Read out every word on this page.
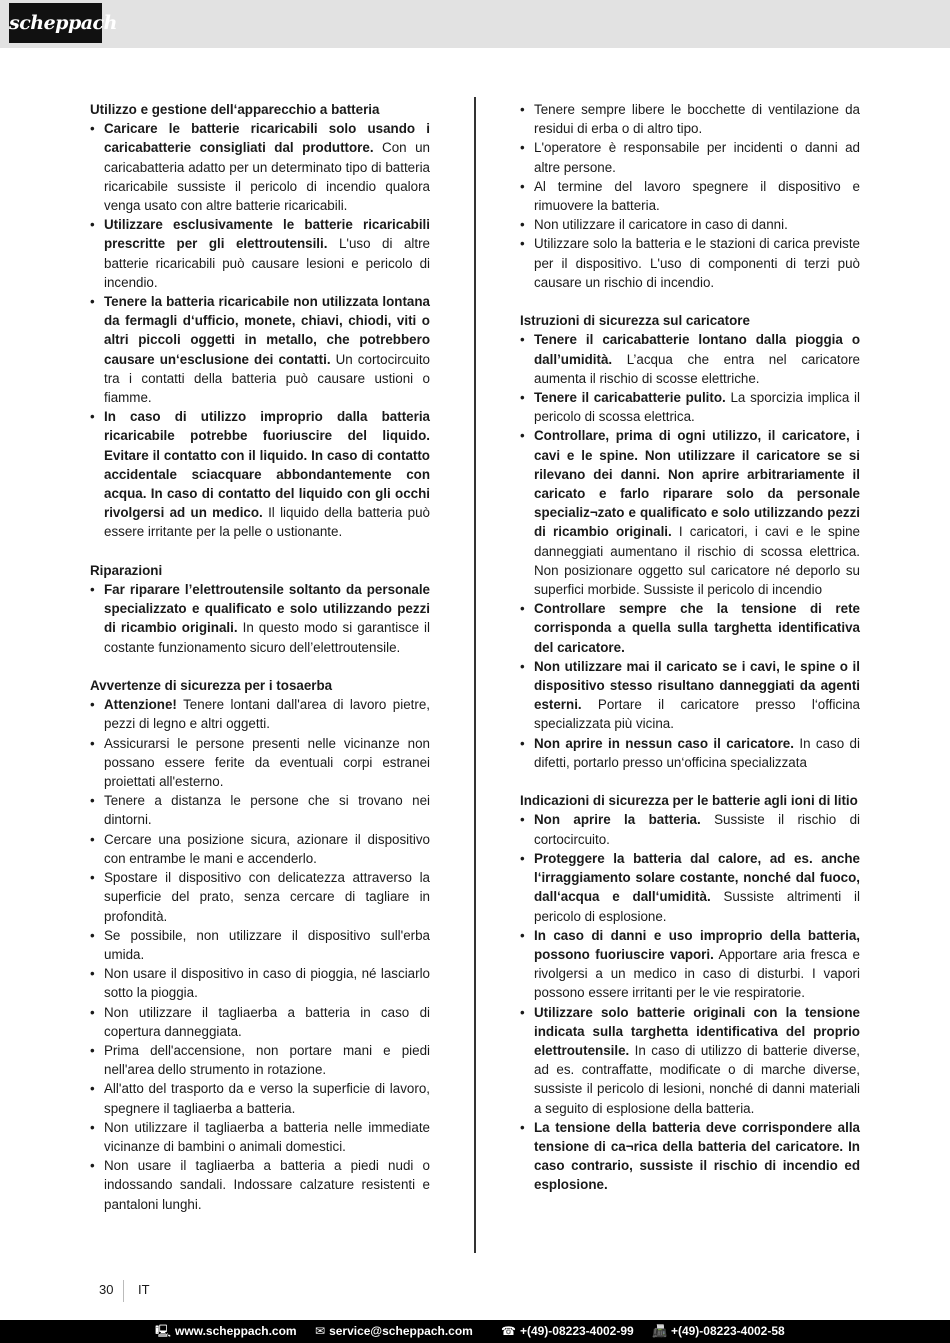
scheppach
Utilizzo e gestione dell‘apparecchio a batteria
• Caricare le batterie ricaricabili solo usando i caricabatterie consigliati dal produttore. Con un caricabatteria adatto per un determinato tipo di batteria ricaricabile sussiste il pericolo di incendio qualora venga usato con altre batterie ricaricabili.
• Utilizzare esclusivamente le batterie ricaricabili prescritte per gli elettroutensili. L'uso di altre batterie ricaricabili può causare lesioni e pericolo di incendio.
• Tenere la batteria ricaricabile non utilizzata lontana da fermagli d‘ufficio, monete, chiavi, chiodi, viti o altri piccoli oggetti in metallo, che potrebbero causare un‘esclusione dei contatti. Un cortocircuito tra i contatti della batteria può causare ustioni o fiamme.
• In caso di utilizzo improprio dalla batteria ricaricabile potrebbe fuoriuscire del liquido. Evitare il contatto con il liquido. In caso di contatto accidentale sciacquare abbondantemente con acqua. In caso di contatto del liquido con gli occhi rivolgersi ad un medico. Il liquido della batteria può essere irritante per la pelle o ustionante.
Riparazioni
• Far riparare l’elettroutensile soltanto da personale specializzato e qualificato e solo utilizzando pezzi di ricambio originali. In questo modo si garantisce il costante funzionamento sicuro dell’elettroutensile.
Avvertenze di sicurezza per i tosaerba
• Attenzione! Tenere lontani dall'area di lavoro pietre, pezzi di legno e altri oggetti.
• Assicurarsi le persone presenti nelle vicinanze non possano essere ferite da eventuali corpi estranei proiettati all'esterno.
• Tenere a distanza le persone che si trovano nei dintorni.
• Cercare una posizione sicura, azionare il dispositivo con entrambe le mani e accenderlo.
• Spostare il dispositivo con delicatezza attraverso la superficie del prato, senza cercare di tagliare in profondità.
• Se possibile, non utilizzare il dispositivo sull'erba umida.
• Non usare il dispositivo in caso di pioggia, né lasciarlo sotto la pioggia.
• Non utilizzare il tagliaerba a batteria in caso di copertura danneggiata.
• Prima dell'accensione, non portare mani e piedi nell'area dello strumento in rotazione.
• All'atto del trasporto da e verso la superficie di lavoro, spegnere il tagliaerba a batteria.
• Non utilizzare il tagliaerba a batteria nelle immediate vicinanze di bambini o animali domestici.
• Non usare il tagliaerba a batteria a piedi nudi o indossando sandali. Indossare calzature resistenti e pantaloni lunghi.
• Tenere sempre libere le bocchette di ventilazione da residui di erba o di altro tipo.
• L'operatore è responsabile per incidenti o danni ad altre persone.
• Al termine del lavoro spegnere il dispositivo e rimuovere la batteria.
• Non utilizzare il caricatore in caso di danni.
• Utilizzare solo la batteria e le stazioni di carica previste per il dispositivo. L'uso di componenti di terzi può causare un rischio di incendio.
Istruzioni di sicurezza sul caricatore
• Tenere il caricabatterie lontano dalla pioggia o dall’umidità. L’acqua che entra nel caricatore aumenta il rischio di scosse elettriche.
• Tenere il caricabatterie pulito. La sporcizia implica il pericolo di scossa elettrica.
• Controllare, prima di ogni utilizzo, il caricatore, i cavi e le spine. Non utilizzare il caricatore se si rilevano dei danni. Non aprire arbitrariamente il caricato e farlo riparare solo da personale specializ¬zato e qualificato e solo utilizzando pezzi di ricambio originali. I caricatori, i cavi e le spine danneggiati aumentano il rischio di scossa elettrica. Non posizionare oggetto sul caricatore né deporlo su superfici morbide. Sussiste il pericolo di incendio
• Controllare sempre che la tensione di rete corrisponda a quella sulla targhetta identificativa del caricatore.
• Non utilizzare mai il caricato se i cavi, le spine o il dispositivo stesso risultano danneggiati da agenti esterni. Portare il caricatore presso l‘officina specializzata più vicina.
• Non aprire in nessun caso il caricatore. In caso di difetti, portarlo presso un‘officina specializzata
Indicazioni di sicurezza per le batterie agli ioni di litio
• Non aprire la batteria. Sussiste il rischio di cortocircuito.
• Proteggere la batteria dal calore, ad es. anche l‘irraggiamento solare costante, nonché dal fuoco, dall‘acqua e dall‘umidità. Sussiste altrimenti il pericolo di esplosione.
• In caso di danni e uso improprio della batteria, possono fuoriuscire vapori. Apportare aria fresca e rivolgersi a un medico in caso di disturbi. I vapori possono essere irritanti per le vie respiratorie.
• Utilizzare solo batterie originali con la tensione indicata sulla targhetta identificativa del proprio elettroutensile. In caso di utilizzo di batterie diverse, ad es. contraffatte, modificate o di marche diverse, sussiste il pericolo di lesioni, nonché di danni materiali a seguito di esplosione della batteria.
• La tensione della batteria deve corrispondere alla tensione di ca¬rica della batteria del caricatore. In caso contrario, sussiste il rischio di incendio ed esplosione.
30 IT
🖳 www.scheppach.com ✉ service@scheppach.com ☎ +(49)-08223-4002-99 📠 +(49)-08223-4002-58
